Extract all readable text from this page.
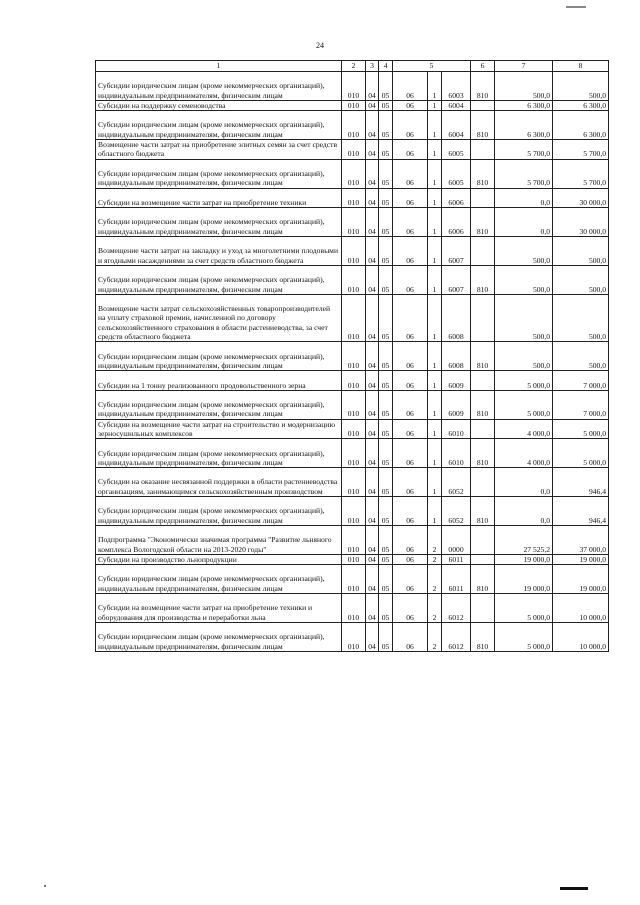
24
1	2	3	4	5			6	7	8
Субсидии юридическим лицам (кроме некоммерческих организаций), индивидуальным предпринимателям, физическим лицам	010	04	05	06	1	6003	810	500,0	500,0
Субсидии на поддержку семеноводства	010	04	05	06	1	6004		6 300,0	6 300,0
Субсидии юридическим лицам (кроме некоммерческих организаций), индивидуальным предпринимателям, физическим лицам	010	04	05	06	1	6004	810	6 300,0	6 300,0
Возмещение части затрат на приобретение элитных семян за счет средств областного бюджета	010	04	05	06	1	6005		5 700,0	5 700,0
Субсидии юридическим лицам (кроме некоммерческих организаций), индивидуальным предпринимателям, физическим лицам	010	04	05	06	1	6005	810	5 700,0	5 700,0
Субсидии на возмещение части затрат на приобретение техники	010	04	05	06	1	6006		0,0	30 000,0
Субсидии юридическим лицам (кроме некоммерческих организаций), индивидуальным предпринимателям, физическим лицам	010	04	05	06	1	6006	810	0,0	30 000,0
Возмещение части затрат на закладку и уход за многолетними плодовыми и ягодными насаждениями за счет средств областного бюджета	010	04	05	06	1	6007		500,0	500,0
Субсидии юридическим лицам (кроме некоммерческих организаций), индивидуальным предпринимателям, физическим лицам	010	04	05	06	1	6007	810	500,0	500,0
Возмещение части затрат сельскохозяйственных товаропроизводителей на уплату страховой премии, начисленной по договору сельскохозяйственного страхования в области растениеводства, за счет средств областного бюджета	010	04	05	06	1	6008		500,0	500,0
Субсидии юридическим лицам (кроме некоммерческих организаций), индивидуальным предпринимателям, физическим лицам	010	04	05	06	1	6008	810	500,0	500,0
Субсидии на 1 тонну реализованного продовольственного зерна	010	04	05	06	1	6009		5 000,0	7 000,0
Субсидии юридическим лицам (кроме некоммерческих организаций), индивидуальным предпринимателям, физическим лицам	010	04	05	06	1	6009	810	5 000,0	7 000,0
Субсидии на возмещение части затрат на строительство и модернизацию зерносушильных комплексов	010	04	05	06	1	6010		4 000,0	5 000,0
Субсидии юридическим лицам (кроме некоммерческих организаций), индивидуальным предпринимателям, физическим лицам	010	04	05	06	1	6010	810	4 000,0	5 000,0
Субсидии на оказание несвязанной поддержки в области растениеводства организациям, занимающимся сельскохозяйственным производством	010	04	05	06	1	6052		0,0	946,4
Субсидии юридическим лицам (кроме некоммерческих организаций), индивидуальным предпринимателям, физическим лицам	010	04	05	06	1	6052	810	0,0	946,4
Подпрограмма "Экономически значимая программа "Развитие льняного комплекса Вологодской области на 2013-2020 годы"	010	04	05	06	2	0000		27 525,2	37 000,0
Субсидии на производство льнопродукции	010	04	05	06	2	6011		19 000,0	19 000,0
Субсидии юридическим лицам (кроме некоммерческих организаций), индивидуальным предпринимателям, физическим лицам	010	04	05	06	2	6011	810	19 000,0	19 000,0
Субсидии на возмещение части затрат на приобретение техники и оборудования для производства и переработки льна	010	04	05	06	2	6012		5 000,0	10 000,0
Субсидии юридическим лицам (кроме некоммерческих организаций), индивидуальным предпринимателям, физическим лицам	010	04	05	06	2	6012	810	5 000,0	10 000,0
